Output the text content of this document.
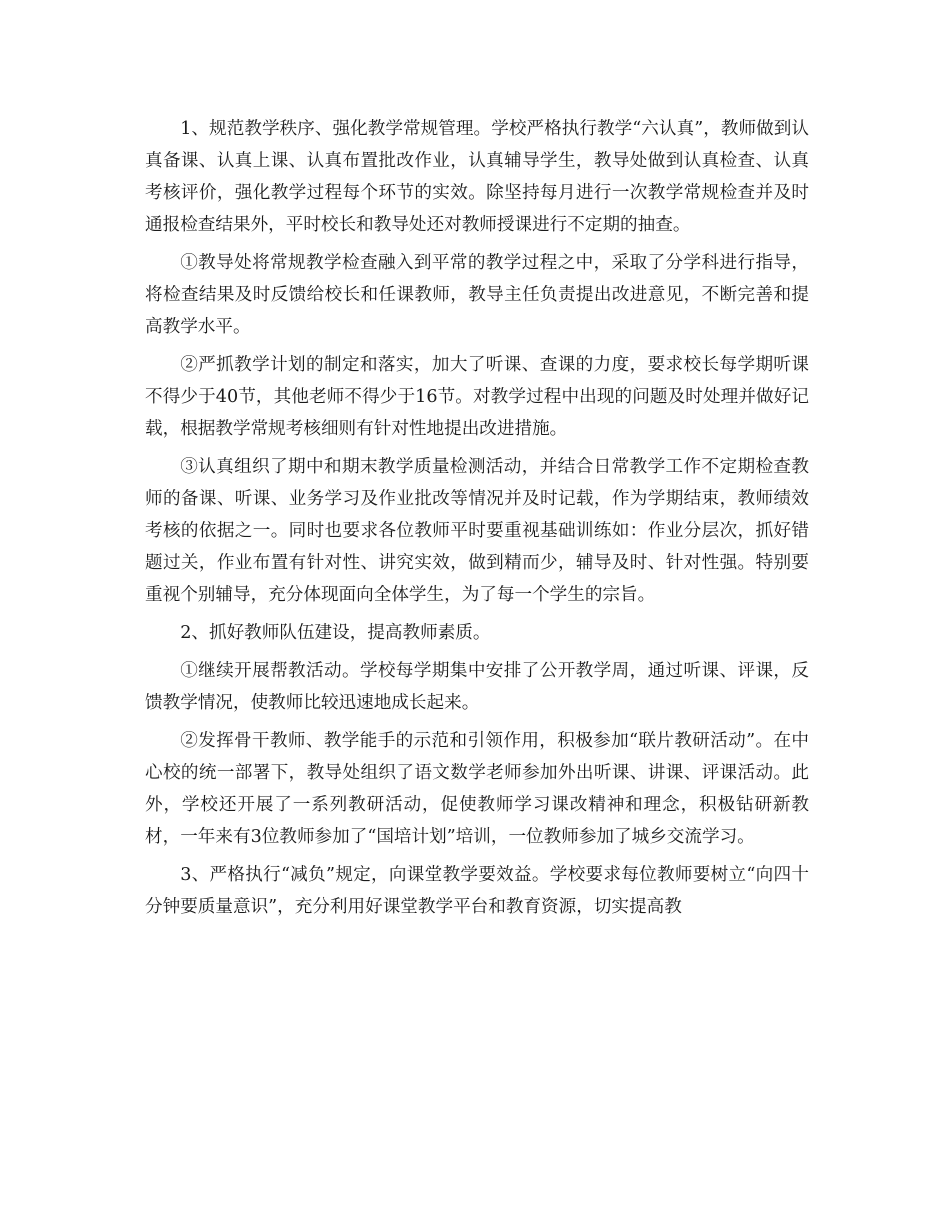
1、规范教学秩序、强化教学常规管理。学校严格执行教学“六认真”，教师做到认真备课、认真上课、认真布置批改作业，认真辅导学生，教导处做到认真检查、认真考核评价，强化教学过程每个环节的实效。除坚持每月进行一次教学常规检查并及时通报检查结果外，平时校长和教导处还对教师授课进行不定期的抽查。

①教导处将常规教学检查融入到平常的教学过程之中，采取了分学科进行指导，将检查结果及时反馈给校长和任课教师，教导主任负责提出改进意见，不断完善和提高教学水平。

②严抓教学计划的制定和落实，加大了听课、查课的力度，要求校长每学期听课不得少于40节，其他老师不得少于16节。对教学过程中出现的问题及时处理并做好记载，根据教学常规考核细则有针对性地提出改进措施。

③认真组织了期中和期末教学质量检测活动，并结合日常教学工作不定期检查教师的备课、听课、业务学习及作业批改等情况并及时记载，作为学期结束，教师绩效考核的依据之一。同时也要求各位教师平时要重视基础训练如：作业分层次，抓好错题过关，作业布置有针对性、讲究实效，做到精而少，辅导及时、针对性强。特别要重视个别辅导，充分体现面向全体学生，为了每一个学生的宗旨。

2、抓好教师队伍建设，提高教师素质。

①继续开展帮教活动。学校每学期集中安排了公开教学周，通过听课、评课，反馈教学情况，使教师比较迅速地成长起来。

②发挥骨干教师、教学能手的示范和引领作用，积极参加“联片教研活动”。在中心校的统一部署下，教导处组织了语文数学老师参加外出听课、讲课、评课活动。此外，学校还开展了一系列教研活动，促使教师学习课改精神和理念，积极钻研新教材，一年来有3位教师参加了“国培计划”培训，一位教师参加了城乡交流学习。

3、严格执行“减负”规定，向课堂教学要效益。学校要求每位教师要树立“向四十分钟要质量意识”，充分利用好课堂教学平台和教育资源，切实提高教
